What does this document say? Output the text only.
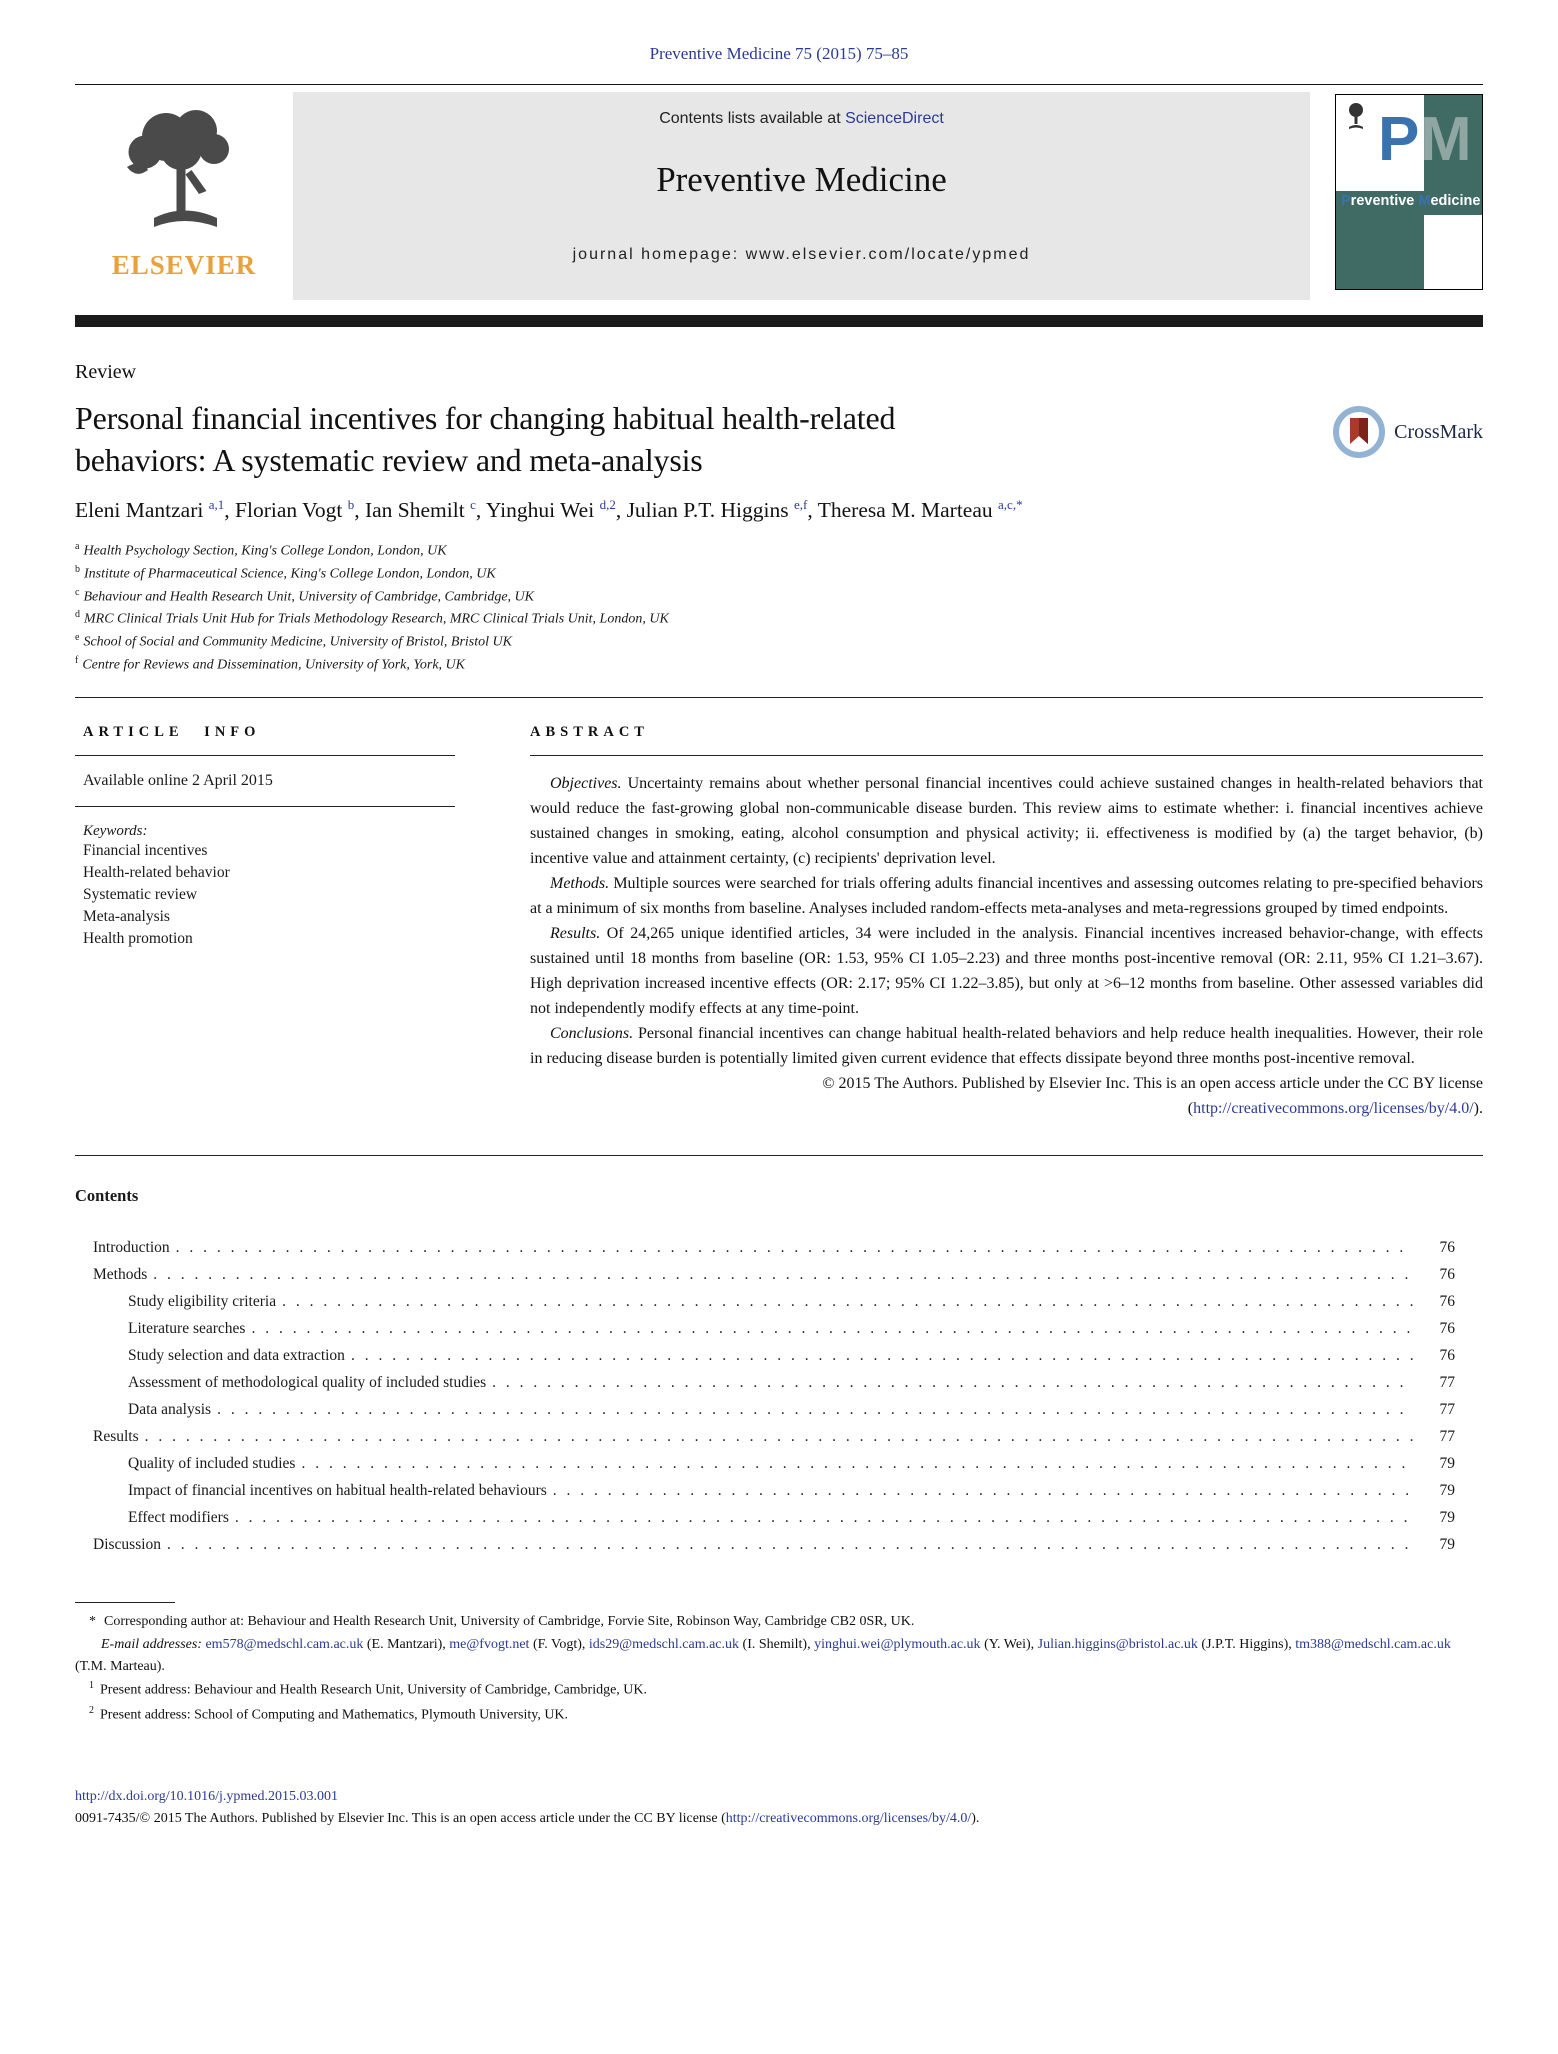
Preventive Medicine 75 (2015) 75–85
ELSEVIER
Contents lists available at ScienceDirect
Preventive Medicine
journal homepage: www.elsevier.com/locate/ypmed
P M
Preventive Medicine
Review
Personal financial incentives for changing habitual health-related
behaviors: A systematic review and meta-analysis
CrossMark
Eleni Mantzari $^{a,1}$, Florian Vogt $^b$, Ian Shemilt $^c$, Yinghui Wei $^{d,2}$, Julian P.T. Higgins $^{e,f}$, Theresa M. Marteau $^{a,c,*}$
$^a$ Health Psychology Section, King's College London, London, UK
$^b$ Institute of Pharmaceutical Science, King's College London, London, UK
$^c$ Behaviour and Health Research Unit, University of Cambridge, Cambridge, UK
$^d$ MRC Clinical Trials Unit Hub for Trials Methodology Research, MRC Clinical Trials Unit, London, UK
$^e$ School of Social and Community Medicine, University of Bristol, Bristol UK
$^f$ Centre for Reviews and Dissemination, University of York, York, UK
ARTICLE INFO
Available online 2 April 2015
Keywords:
Financial incentives
Health-related behavior
Systematic review
Meta-analysis
Health promotion
ABSTRACT

Objectives. Uncertainty remains about whether personal financial incentives could achieve sustained changes in health-related behaviors that would reduce the fast-growing global non-communicable disease burden. This review aims to estimate whether: i. financial incentives achieve sustained changes in smoking, eating, alcohol consumption and physical activity; ii. effectiveness is modified by (a) the target behavior, (b) incentive value and attainment certainty, (c) recipients' deprivation level.

Methods. Multiple sources were searched for trials offering adults financial incentives and assessing outcomes relating to pre-specified behaviors at a minimum of six months from baseline. Analyses included random-effects meta-analyses and meta-regressions grouped by timed endpoints.

Results. Of 24,265 unique identified articles, 34 were included in the analysis. Financial incentives increased behavior-change, with effects sustained until 18 months from baseline (OR: 1.53, 95% CI 1.05–2.23) and three months post-incentive removal (OR: 2.11, 95% CI 1.21–3.67). High deprivation increased incentive effects (OR: 2.17; 95% CI 1.22–3.85), but only at >6–12 months from baseline. Other assessed variables did not independently modify effects at any time-point.

Conclusions. Personal financial incentives can change habitual health-related behaviors and help reduce health inequalities. However, their role in reducing disease burden is potentially limited given current evidence that effects dissipate beyond three months post-incentive removal.

© 2015 The Authors. Published by Elsevier Inc. This is an open access article under the CC BY license
(http://creativecommons.org/licenses/by/4.0/).
Contents
Introduction . . .	76
Methods . . .	76
Study eligibility criteria . . .	76
Literature searches . . .	76
Study selection and data extraction . . .	76
Assessment of methodological quality of included studies . . .	77
Data analysis . . .	77
Results . . .	77
Quality of included studies . . .	79
Impact of financial incentives on habitual health-related behaviours . . .	79
Effect modifiers . . .	79
Discussion . . .	79
* Corresponding author at: Behaviour and Health Research Unit, University of Cambridge, Forvie Site, Robinson Way, Cambridge CB2 0SR, UK.
E-mail addresses: em578@medschl.cam.ac.uk (E. Mantzari), me@fvogt.net (F. Vogt), ids29@medschl.cam.ac.uk (I. Shemilt), yinghui.wei@plymouth.ac.uk (Y. Wei), Julian.higgins@bristol.ac.uk (J.P.T. Higgins), tm388@medschl.cam.ac.uk (T.M. Marteau).
$^1$ Present address: Behaviour and Health Research Unit, University of Cambridge, Cambridge, UK.
$^2$ Present address: School of Computing and Mathematics, Plymouth University, UK.
http://dx.doi.org/10.1016/j.ypmed.2015.03.001
0091-7435/© 2015 The Authors. Published by Elsevier Inc. This is an open access article under the CC BY license (http://creativecommons.org/licenses/by/4.0/).
